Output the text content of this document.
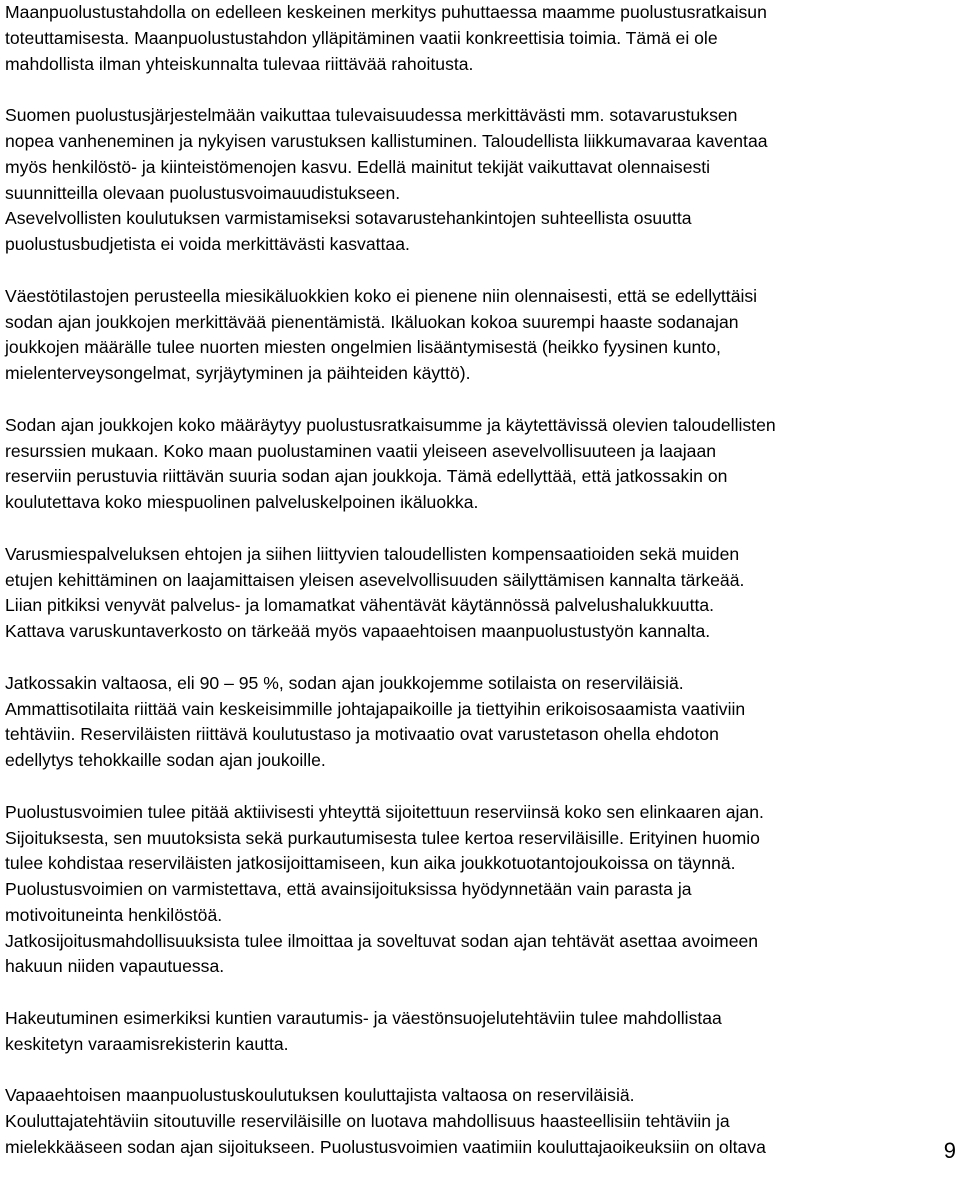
Maanpuolustustahdolla on edelleen keskeinen merkitys puhuttaessa maamme puolustusratkaisun
toteuttamisesta. Maanpuolustustahdon ylläpitäminen vaatii konkreettisia toimia. Tämä ei ole
mahdollista ilman yhteiskunnalta tulevaa riittävää rahoitusta.
Suomen puolustusjärjestelmään vaikuttaa tulevaisuudessa merkittävästi mm. sotavarustuksen
nopea vanheneminen ja nykyisen varustuksen kallistuminen. Taloudellista liikkumavaraa kaventaa
myös henkilöstö- ja kiinteistömenojen kasvu. Edellä mainitut tekijät vaikuttavat olennaisesti
suunnitteilla olevaan puolustusvoimauudistukseen.
Asevelvollisten koulutuksen varmistamiseksi sotavarustehankintojen suhteellista osuutta
puolustusbudjetista ei voida merkittävästi kasvattaa.
Väestötilastojen perusteella miesikäluokkien koko ei pienene niin olennaisesti, että se edellyttäisi
sodan ajan joukkojen merkittävää pienentämistä. Ikäluokan kokoa suurempi haaste sodanajan
joukkojen määrälle tulee nuorten miesten ongelmien lisääntymisestä (heikko fyysinen kunto,
mielenterveysongelmat, syrjäytyminen ja päihteiden käyttö).
Sodan ajan joukkojen koko määräytyy puolustusratkaisumme ja käytettävissä olevien taloudellisten
resurssien mukaan. Koko maan puolustaminen vaatii yleiseen asevelvollisuuteen ja laajaan
reserviin perustuvia riittävän suuria sodan ajan joukkoja. Tämä edellyttää, että jatkossakin on
koulutettava koko miespuolinen palveluskelpoinen ikäluokka.
Varusmiespalveluksen ehtojen ja siihen liittyvien taloudellisten kompensaatioiden sekä muiden
etujen kehittäminen on laajamittaisen yleisen asevelvollisuuden säilyttämisen kannalta tärkeää.
Liian pitkiksi venyvät palvelus- ja lomamatkat vähentävät käytännössä palvelushalukkuutta.
Kattava varuskuntaverkosto on tärkeää myös vapaaehtoisen maanpuolustustyön kannalta.
Jatkossakin valtaosa, eli 90 – 95 %, sodan ajan joukkojemme sotilaista on reserviläisiä.
Ammattisotilaita riittää vain keskeisimmille johtajapaikoille ja tiettyihin erikoisosaamista vaativiin
tehtäviin. Reserviläisten riittävä koulutustaso ja motivaatio ovat varustetason ohella ehdoton
edellytys tehokkaille sodan ajan joukoille.
Puolustusvoimien tulee pitää aktiivisesti yhteyttä sijoitettuun reserviinsä koko sen elinkaaren ajan.
Sijoituksesta, sen muutoksista sekä purkautumisesta tulee kertoa reserviläisille. Erityinen huomio
tulee kohdistaa reserviläisten jatkosijoittamiseen, kun aika joukkotuotantojoukoissa on täynnä.
Puolustusvoimien on varmistettava, että avainsijoituksissa hyödynnetään vain parasta ja
motivoituneinta henkilöstöä.
Jatkosijoitusmahdollisuuksista tulee ilmoittaa ja soveltuvat sodan ajan tehtävät asettaa avoimeen
hakuun niiden vapautuessa.
Hakeutuminen esimerkiksi kuntien varautumis- ja väestönsuojelutehtäviin tulee mahdollistaa
keskitetyn varaamisrekisterin kautta.
Vapaaehtoisen maanpuolustuskoulutuksen kouluttajista valtaosa on reserviläisiä.
Kouluttajatehtäviin sitoutuville reserviläisille on luotava mahdollisuus haasteellisiin tehtäviin ja
mielekkääseen sodan ajan sijoitukseen. Puolustusvoimien vaatimiin kouluttajaoikeuksiin on oltava	9
